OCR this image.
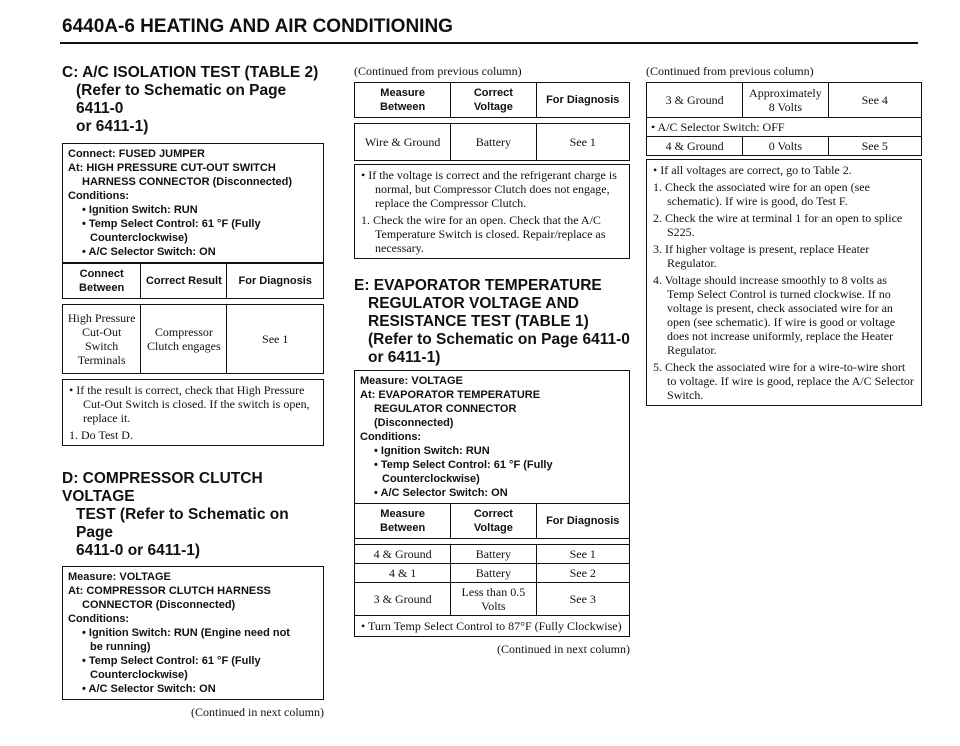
6440A-6 HEATING AND AIR CONDITIONING
C: A/C ISOLATION TEST (TABLE 2)
(Refer to Schematic on Page 6411-0
or 6411-1)
Connect: FUSED JUMPER
At: HIGH PRESSURE CUT-OUT SWITCH
HARNESS CONNECTOR (Disconnected)
Conditions:
• Ignition Switch: RUN
• Temp Select Control: 61 °F (Fully
Counterclockwise)
• A/C Selector Switch: ON
Connect Between	Correct Result	For Diagnosis

High Pressure Cut-Out Switch Terminals	Compressor Clutch engages	See 1

• If the result is correct, check that High Pressure Cut-Out Switch is closed. If the switch is open, replace it.

1. Do Test D.

D: COMPRESSOR CLUTCH VOLTAGE
TEST (Refer to Schematic on Page
6411-0 or 6411-1)
Measure: VOLTAGE
At: COMPRESSOR CLUTCH HARNESS
CONNECTOR (Disconnected)
Conditions:
• Ignition Switch: RUN (Engine need not
be running)
• Temp Select Control: 61 °F (Fully
Counterclockwise)
• A/C Selector Switch: ON
(Continued in next column)
(Continued from previous column)
Measure Between	Correct Voltage	For Diagnosis

Wire & Ground	Battery	See 1

• If the voltage is correct and the refrigerant charge is normal, but Compressor Clutch does not engage, replace the Compressor Clutch.

1. Check the wire for an open. Check that the A/C Temperature Switch is closed. Repair/replace as necessary.

E: EVAPORATOR TEMPERATURE
REGULATOR VOLTAGE AND
RESISTANCE TEST (TABLE 1)
(Refer to Schematic on Page 6411-0
or 6411-1)
Measure: VOLTAGE
At: EVAPORATOR TEMPERATURE
REGULATOR CONNECTOR
(Disconnected)
Conditions:
• Ignition Switch: RUN
• Temp Select Control: 61 °F (Fully
Counterclockwise)
• A/C Selector Switch: ON
Measure Between	Correct Voltage	For Diagnosis

4 & Ground	Battery	See 1
4 & 1	Battery	See 2
3 & Ground	Less than 0.5 Volts	See 3

• Turn Temp Select Control to 87°F (Fully Clockwise)

(Continued in next column)
(Continued from previous column)
3 & Ground	Approximately 8 Volts	See 4
• A/C Selector Switch: OFF		
4 & Ground	0 Volts	See 5

• If all voltages are correct, go to Table 2.

1. Check the associated wire for an open (see schematic). If wire is good, do Test F.

2. Check the wire at terminal 1 for an open to splice S225.

3. If higher voltage is present, replace Heater Regulator.

4. Voltage should increase smoothly to 8 volts as Temp Select Control is turned clockwise. If no voltage is present, check associated wire for an open (see schematic). If wire is good or voltage does not increase uniformly, replace the Heater Regulator.

5. Check the associated wire for a wire-to-wire short to voltage. If wire is good, replace the A/C Selector Switch.
